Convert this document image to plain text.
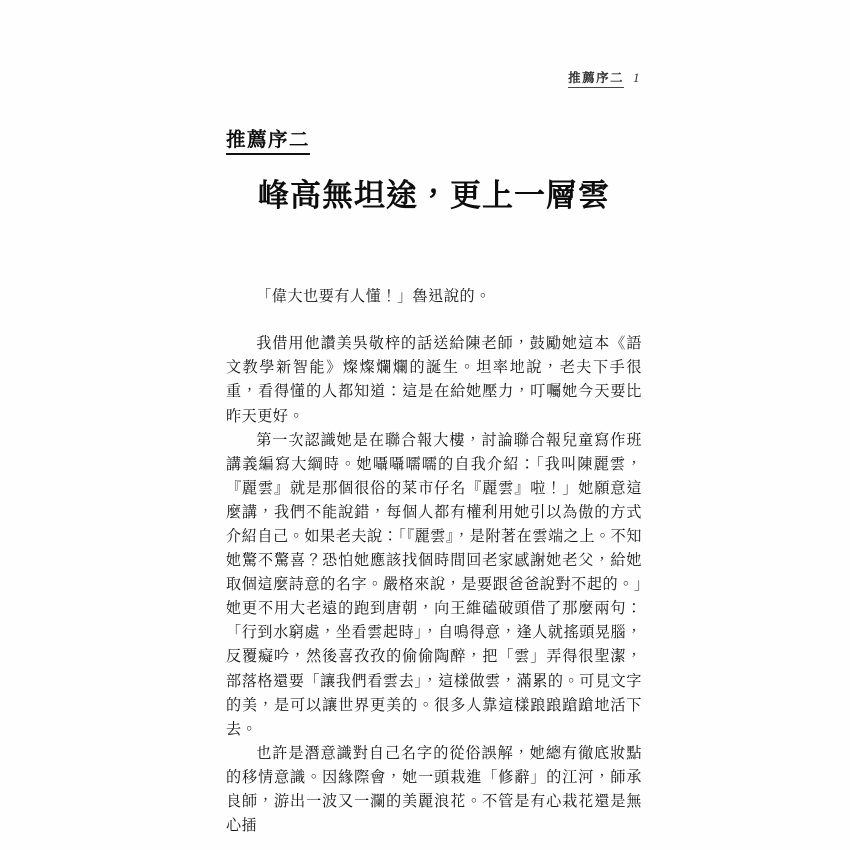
推薦序二 1
推薦序二
峰高無坦途，更上一層雲

「偉大也要有人懂！」魯迅說的。

我借用他讚美吳敬梓的話送給陳老師，鼓勵她這本《語文教學新智能》燦燦爛爛的誕生。坦率地說，老夫下手很重，看得懂的人都知道：這是在給她壓力，叮囑她今天要比昨天更好。

第一次認識她是在聯合報大樓，討論聯合報兒童寫作班講義編寫大綱時。她囁囁嚅嚅的自我介紹：「我叫陳麗雲，『麗雲』就是那個很俗的菜市仔名『麗雲』啦！」她願意這麼講，我們不能說錯，每個人都有權利用她引以為傲的方式介紹自己。如果老夫說：「『麗雲』，是附著在雲端之上。不知她驚不驚喜？恐怕她應該找個時間回老家感謝她老父，給她取個這麼詩意的名字。嚴格來說，是要跟爸爸說對不起的。」她更不用大老遠的跑到唐朝，向王維磕破頭借了那麼兩句：「行到水窮處，坐看雲起時」，自鳴得意，逢人就搖頭晃腦，反覆癡吟，然後喜孜孜的偷偷陶醉，把「雲」弄得很聖潔，部落格還要「讓我們看雲去」，這樣做雲，滿累的。可見文字的美，是可以讓世界更美的。很多人靠這樣踉踉蹌蹌地活下去。

也許是潛意識對自己名字的從俗誤解，她總有徹底妝點的移情意識。因緣際會，她一頭栽進「修辭」的江河，師承良師，游出一波又一瀾的美麗浪花。不管是有心栽花還是無心插
